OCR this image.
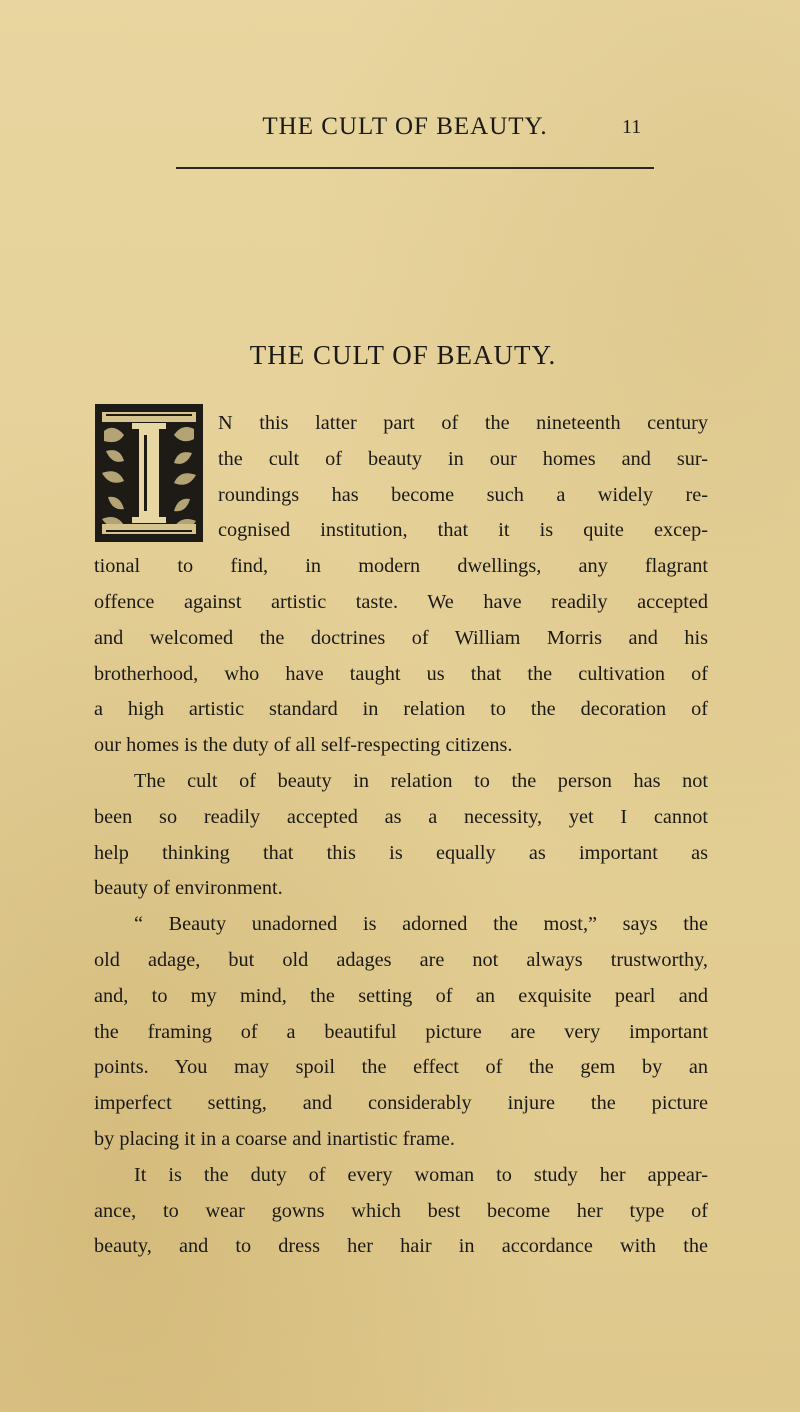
THE CULT OF BEAUTY.	11
THE CULT OF BEAUTY.
N this latter part of the nineteenth century
the cult of beauty in our homes and sur-
roundings has become such a widely re-
cognised institution, that it is quite excep-
tional to find, in modern dwellings, any flagrant
offence against artistic taste. We have readily accepted
and welcomed the doctrines of William Morris and his
brotherhood, who have taught us that the cultivation of
a high artistic standard in relation to the decoration of
our homes is the duty of all self-respecting citizens.
The cult of beauty in relation to the person has not
been so readily accepted as a necessity, yet I cannot
help thinking that this is equally as important as
beauty of environment.
“ Beauty unadorned is adorned the most,” says the
old adage, but old adages are not always trustworthy,
and, to my mind, the setting of an exquisite pearl and
the framing of a beautiful picture are very important
points. You may spoil the effect of the gem by an
imperfect setting, and considerably injure the picture
by placing it in a coarse and inartistic frame.
It is the duty of every woman to study her appear-
ance, to wear gowns which best become her type of
beauty, and to dress her hair in accordance with the
